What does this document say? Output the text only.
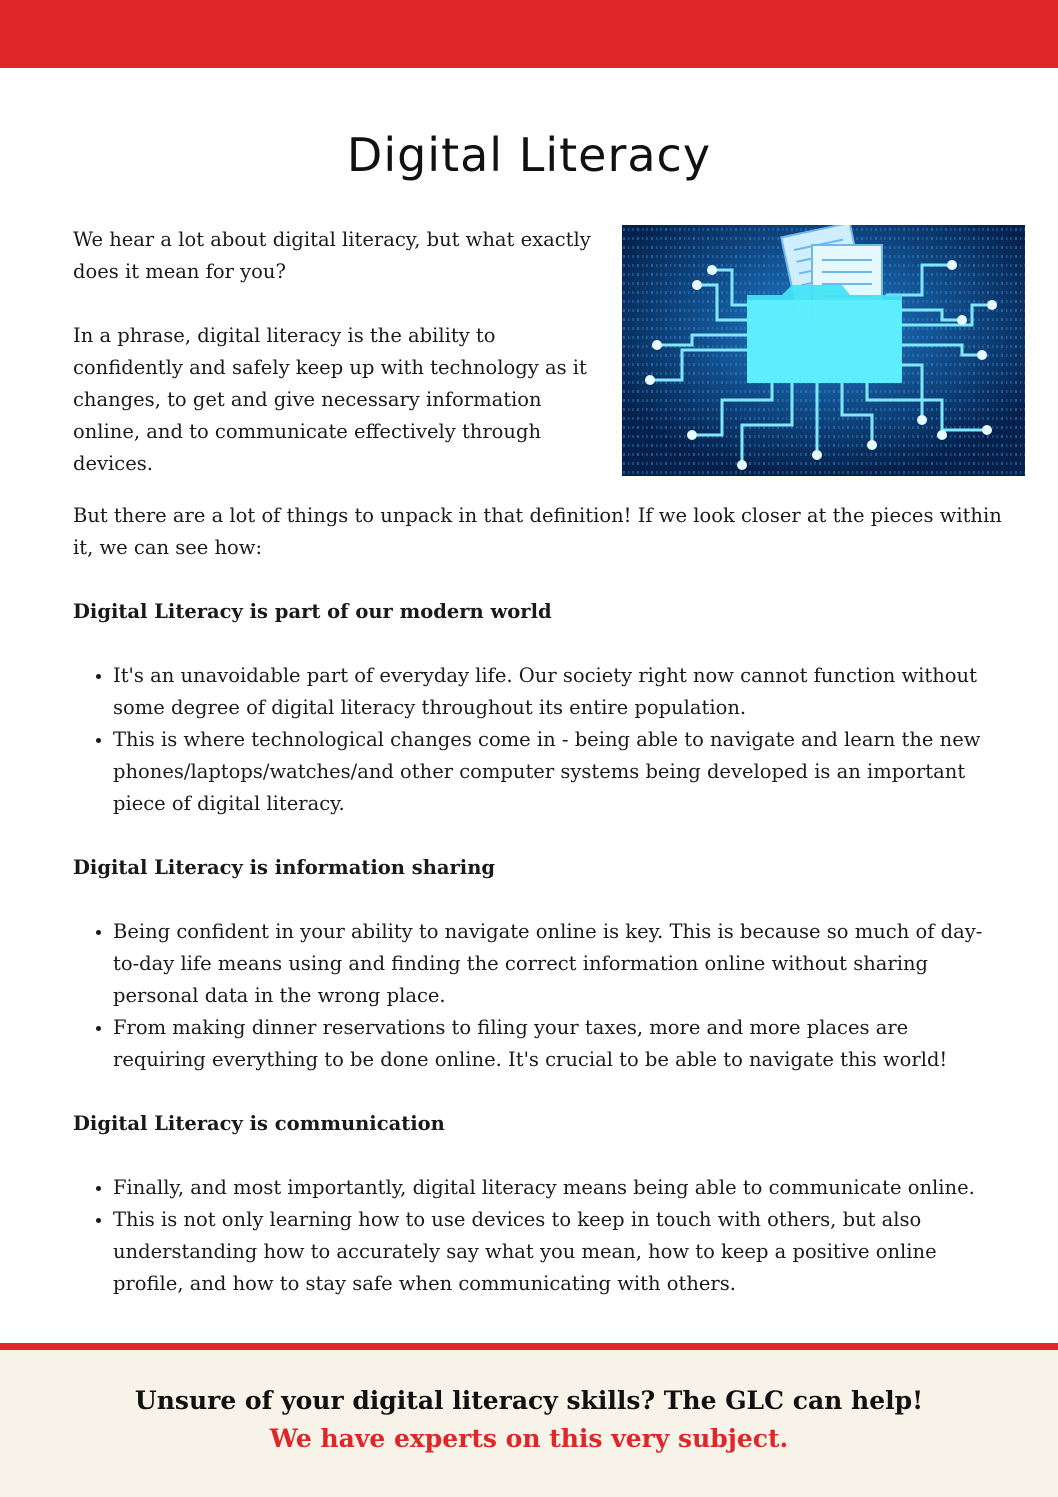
Digital Literacy

We hear a lot about digital literacy, but what exactly does it mean for you?

In a phrase, digital literacy is the ability to confidently and safely keep up with technology as it changes, to get and give necessary information online, and to communicate effectively through devices.

But there are a lot of things to unpack in that definition! If we look closer at the pieces within it, we can see how:

Digital Literacy is part of our modern world
• It's an unavoidable part of everyday life. Our society right now cannot function without some degree of digital literacy throughout its entire population.
• This is where technological changes come in - being able to navigate and learn the new phones/laptops/watches/and other computer systems being developed is an important piece of digital literacy.
Digital Literacy is information sharing
• Being confident in your ability to navigate online is key. This is because so much of day-to-day life means using and finding the correct information online without sharing personal data in the wrong place.
• From making dinner reservations to filing your taxes, more and more places are requiring everything to be done online. It's crucial to be able to navigate this world!
Digital Literacy is communication
• Finally, and most importantly, digital literacy means being able to communicate online.
• This is not only learning how to use devices to keep in touch with others, but also understanding how to accurately say what you mean, how to keep a positive online profile, and how to stay safe when communicating with others.
Unsure of your digital literacy skills? The GLC can help!
We have experts on this very subject.
